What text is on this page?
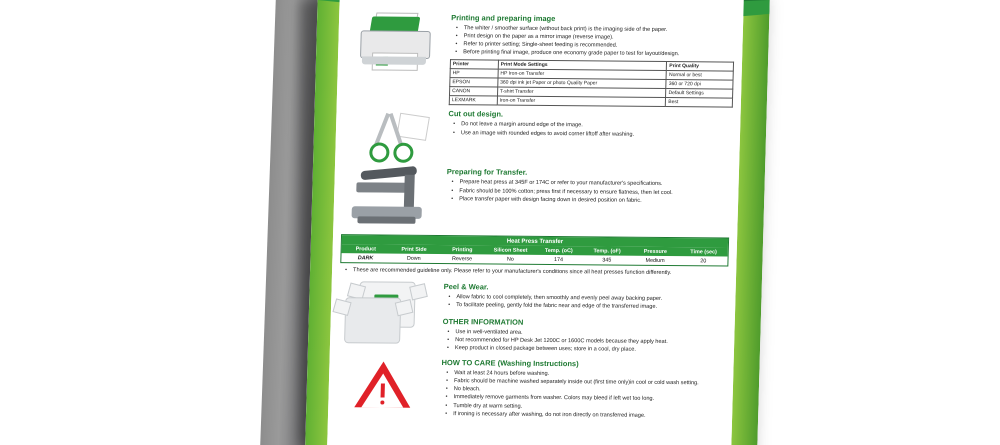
Printing and preparing image
• The whiter / smoother surface (without back print) is the imaging side of the paper.
• Print design on the paper as a mirror image (reverse image).
• Refer to printer setting; Single-sheet feeding is recommended.
• Before printing final image, produce one economy grade paper to test for layout/design.
Printer	Print Mode Settings	Print Quality
HP	HP Iron-on Transfer	Normal or best
EPSON	360 dpi ink jet Paper or photo Quality Paper	360 or 720 dpi
CANON	T-shirt Transfer	Default Settings
LEXMARK	Iron-on Transfer	Best
Cut out design.
• Do not leave a margin around edge of the image.
• Use an image with rounded edges to avoid corner liftoff after washing.
Preparing for Transfer.
• Prepare heat press at 345F or 174C or refer to your manufacturer's specifications.
• Fabric should be 100% cotton; press first if necessary to ensure flatness, then let cool.
• Place transfer paper with design facing down in desired position on fabric.
Heat Press Transfer
Product	Print Side	Printing	Silicon Sheet	Temp. (oC)	Temp. (oF)	Pressure	Time (sec)
DARK	Down	Reverse	No	174	345	Medium	20
• These are recommended guideline only. Please refer to your manufacturer's conditions since all heat presses function differently.
Peel & Wear.
• Allow fabric to cool completely, then smoothly and evenly peel away backing paper.
• To facilitate peeling, gently fold the fabric near and edge of the transferred image.
OTHER INFORMATION
• Use in well-ventilated area.
• Not recommended for HP Desk Jet 1200C or 1600C models because they apply heat.
• Keep product in closed package between uses; store in a cool, dry place.
HOW TO CARE (Washing Instructions)
• Wait at least 24 hours before washing.
• Fabric should be machine washed separately inside out (first time only)in cool or cold wash setting.
• No bleach.
• Immediately remove garments from washer. Colors may bleed if left wet too long.
• Tumble dry at warm setting.
• If ironing is necessary after washing, do not iron directly on transferred image.
